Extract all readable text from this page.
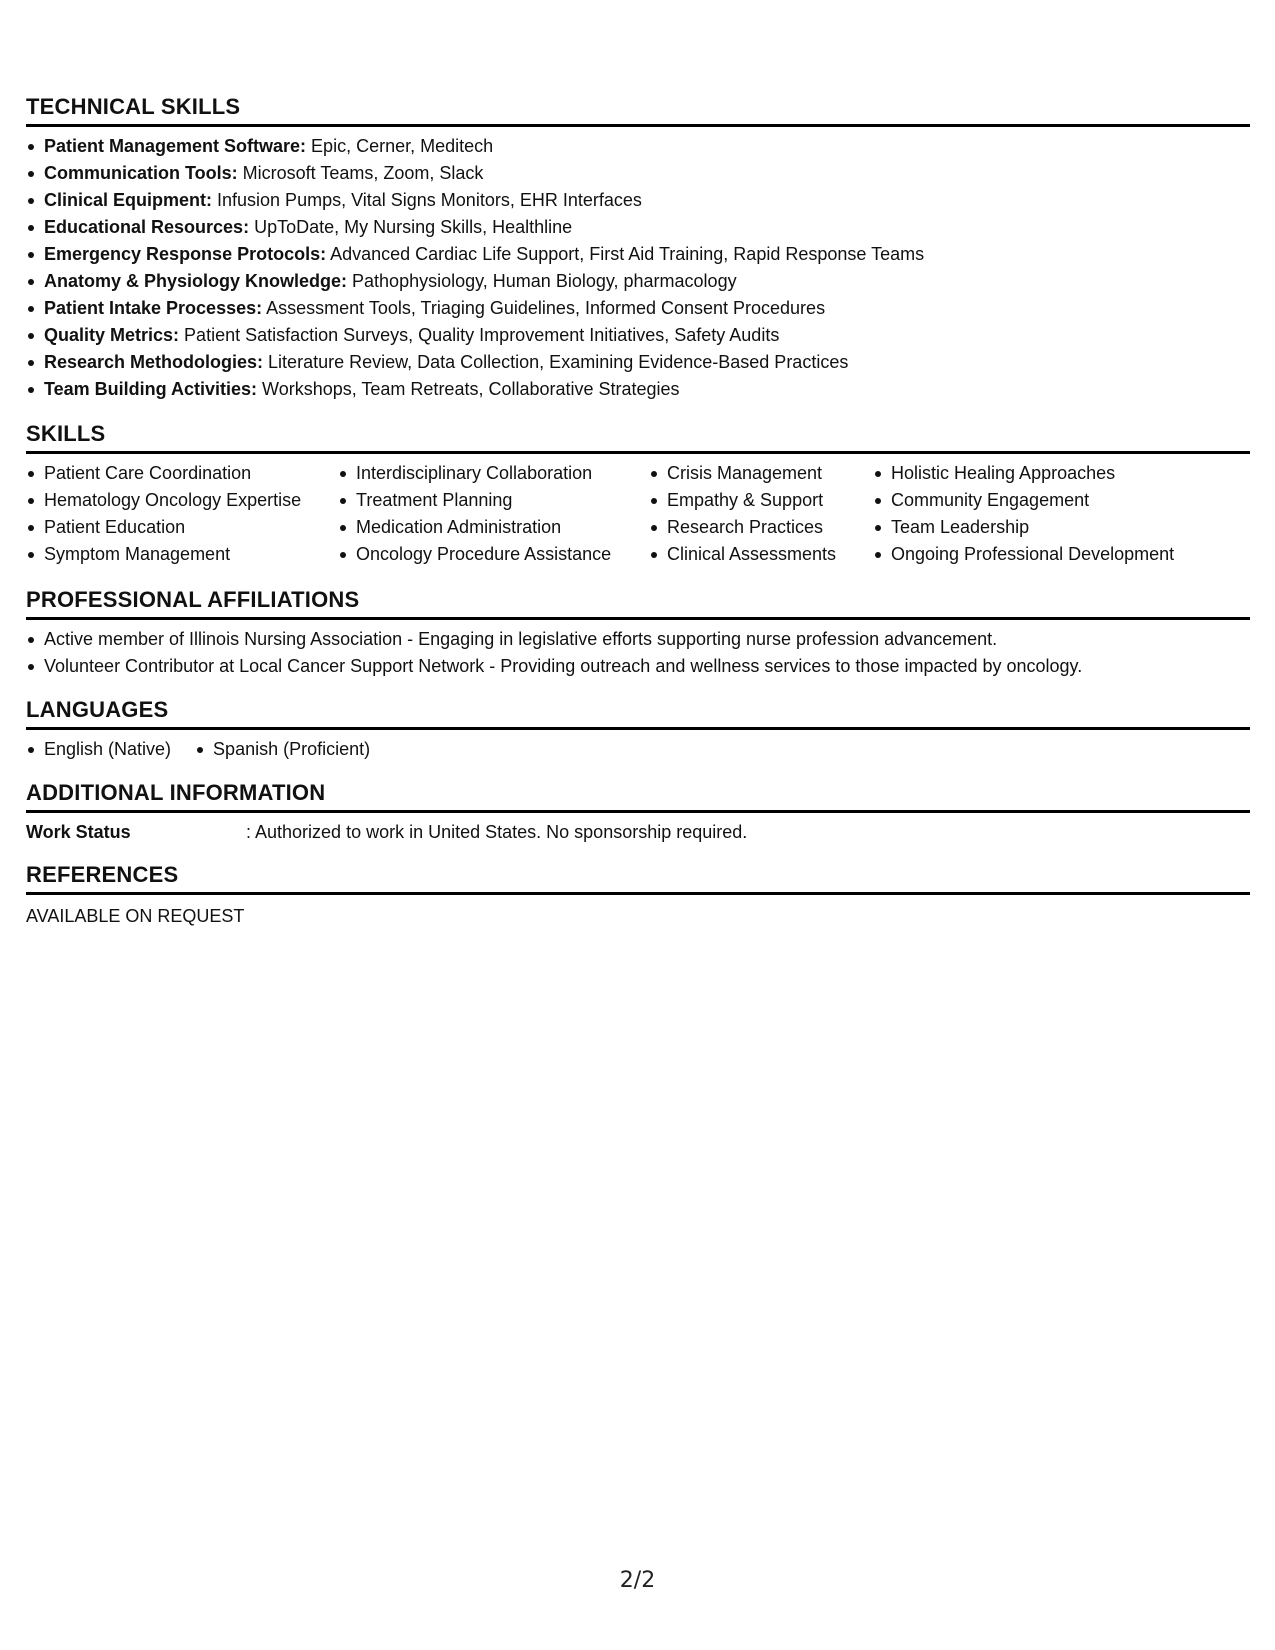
TECHNICAL SKILLS
Patient Management Software: Epic, Cerner, Meditech
Communication Tools: Microsoft Teams, Zoom, Slack
Clinical Equipment: Infusion Pumps, Vital Signs Monitors, EHR Interfaces
Educational Resources: UpToDate, My Nursing Skills, Healthline
Emergency Response Protocols: Advanced Cardiac Life Support, First Aid Training, Rapid Response Teams
Anatomy & Physiology Knowledge: Pathophysiology, Human Biology, pharmacology
Patient Intake Processes: Assessment Tools, Triaging Guidelines, Informed Consent Procedures
Quality Metrics: Patient Satisfaction Surveys, Quality Improvement Initiatives, Safety Audits
Research Methodologies: Literature Review, Data Collection, Examining Evidence-Based Practices
Team Building Activities: Workshops, Team Retreats, Collaborative Strategies
SKILLS
Patient Care Coordination
Hematology Oncology Expertise
Patient Education
Symptom Management
Interdisciplinary Collaboration
Treatment Planning
Medication Administration
Oncology Procedure Assistance
Crisis Management
Empathy & Support
Research Practices
Clinical Assessments
Holistic Healing Approaches
Community Engagement
Team Leadership
Ongoing Professional Development
PROFESSIONAL AFFILIATIONS
Active member of Illinois Nursing Association - Engaging in legislative efforts supporting nurse profession advancement.
Volunteer Contributor at Local Cancer Support Network - Providing outreach and wellness services to those impacted by oncology.
LANGUAGES
English (Native)	Spanish (Proficient)
ADDITIONAL INFORMATION
Work Status	: Authorized to work in United States. No sponsorship required.
REFERENCES
AVAILABLE ON REQUEST
2/2
